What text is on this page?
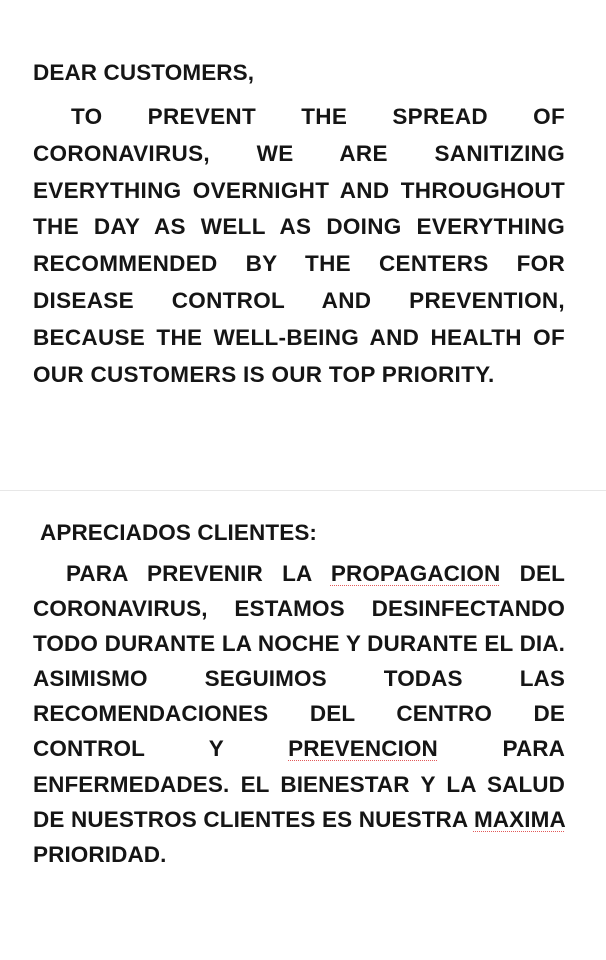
DEAR CUSTOMERS,
TO PREVENT THE SPREAD OF CORONAVIRUS, WE ARE SANITIZING EVERYTHING OVERNIGHT AND THROUGHOUT THE DAY AS WELL AS DOING EVERYTHING RECOMMENDED BY THE CENTERS FOR DISEASE CONTROL AND PREVENTION, BECAUSE THE WELL-BEING AND HEALTH OF OUR CUSTOMERS IS OUR TOP PRIORITY.
APRECIADOS CLIENTES:
PARA PREVENIR LA PROPAGACION DEL CORONAVIRUS, ESTAMOS DESINFECTANDO TODO DURANTE LA NOCHE Y DURANTE EL DIA. ASIMISMO SEGUIMOS TODAS LAS RECOMENDACIONES DEL CENTRO DE CONTROL Y	PREVENCION	PARA ENFERMEDADES. EL BIENESTAR Y LA SALUD DE NUESTROS CLIENTES ES NUESTRA MAXIMA PRIORIDAD.
